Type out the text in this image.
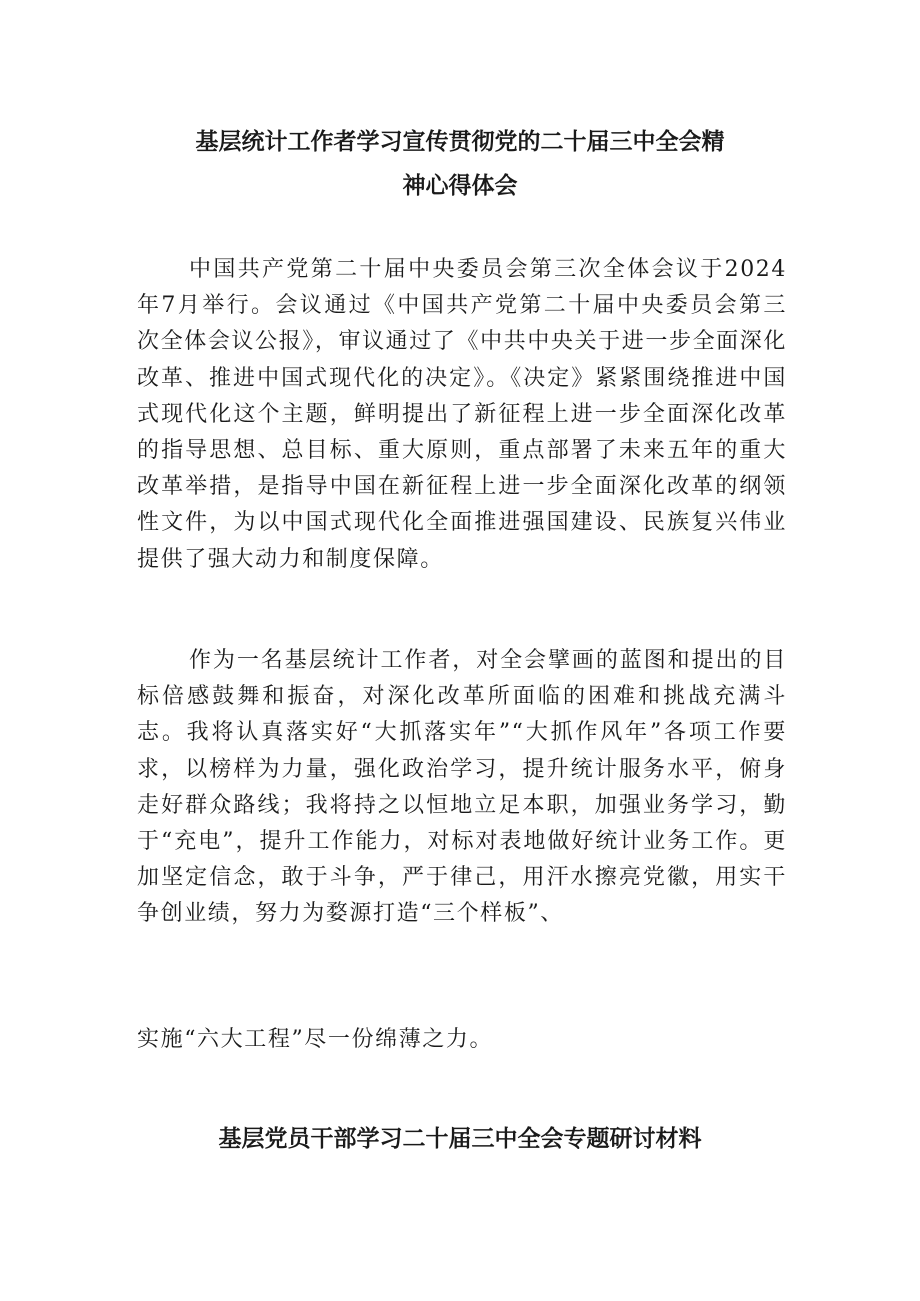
基层统计工作者学习宣传贯彻党的二十届三中全会精
神心得体会

中国共产党第二十届中央委员会第三次全体会议于2024年7月举行。会议通过《中国共产党第二十届中央委员会第三次全体会议公报》，审议通过了《中共中央关于进一步全面深化改革、推进中国式现代化的决定》。《决定》紧紧围绕推进中国式现代化这个主题，鲜明提出了新征程上进一步全面深化改革的指导思想、总目标、重大原则，重点部署了未来五年的重大改革举措，是指导中国在新征程上进一步全面深化改革的纲领性文件，为以中国式现代化全面推进强国建设、民族复兴伟业提供了强大动力和制度保障。

作为一名基层统计工作者，对全会擘画的蓝图和提出的目标倍感鼓舞和振奋，对深化改革所面临的困难和挑战充满斗志。我将认真落实好“大抓落实年”“大抓作风年”各项工作要求，以榜样为力量，强化政治学习，提升统计服务水平，俯身走好群众路线；我将持之以恒地立足本职，加强业务学习，勤于“充电”，提升工作能力，对标对表地做好统计业务工作。更加坚定信念，敢于斗争，严于律己，用汗水擦亮党徽，用实干争创业绩，努力为婺源打造“三个样板”、

实施“六大工程”尽一份绵薄之力。

基层党员干部学习二十届三中全会专题研讨材料
